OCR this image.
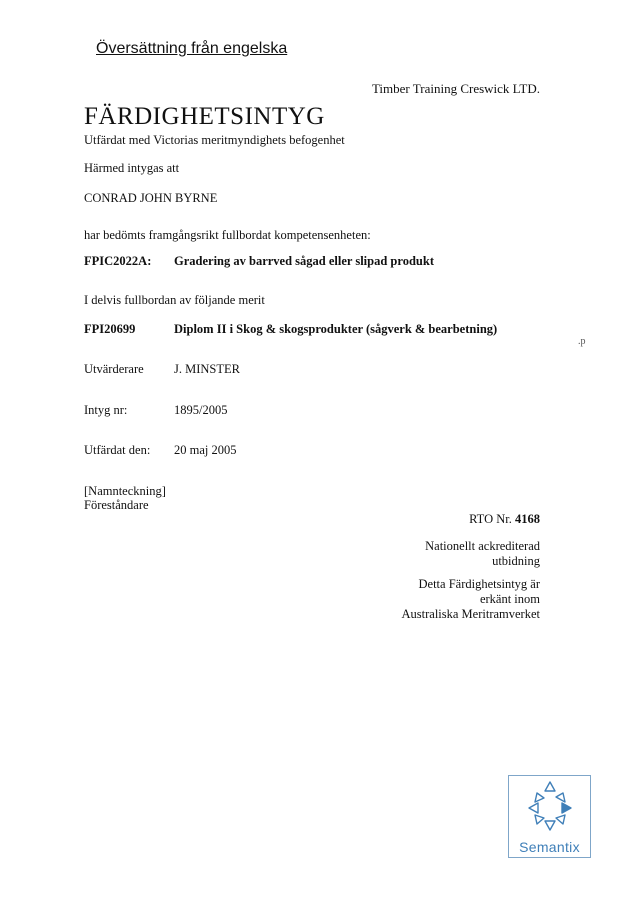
Översättning från engelska
Timber Training Creswick LTD.
FÄRDIGHETSINTYG
Utfärdat med Victorias meritmyndighets befogenhet
Härmed intygas att
CONRAD JOHN BYRNE
har bedömts framgångsrikt fullbordat kompetensenheten:
FPIC2022A: Gradering av barrved sågad eller slipad produkt
I delvis fullbordan av följande merit
FPI20699	Diplom II i Skog & skogsprodukter (sågverk & bearbetning)
.p
Utvärderare J. MINSTER
Intyg nr:	1895/2005
Utfärdat den: 20 maj 2005
[Namnteckning]
Föreståndare
RTO Nr. 4168
Nationellt ackrediterad
utbidning
Detta Färdighetsintyg är
erkänt inom
Australiska Meritramverket
Semantix
